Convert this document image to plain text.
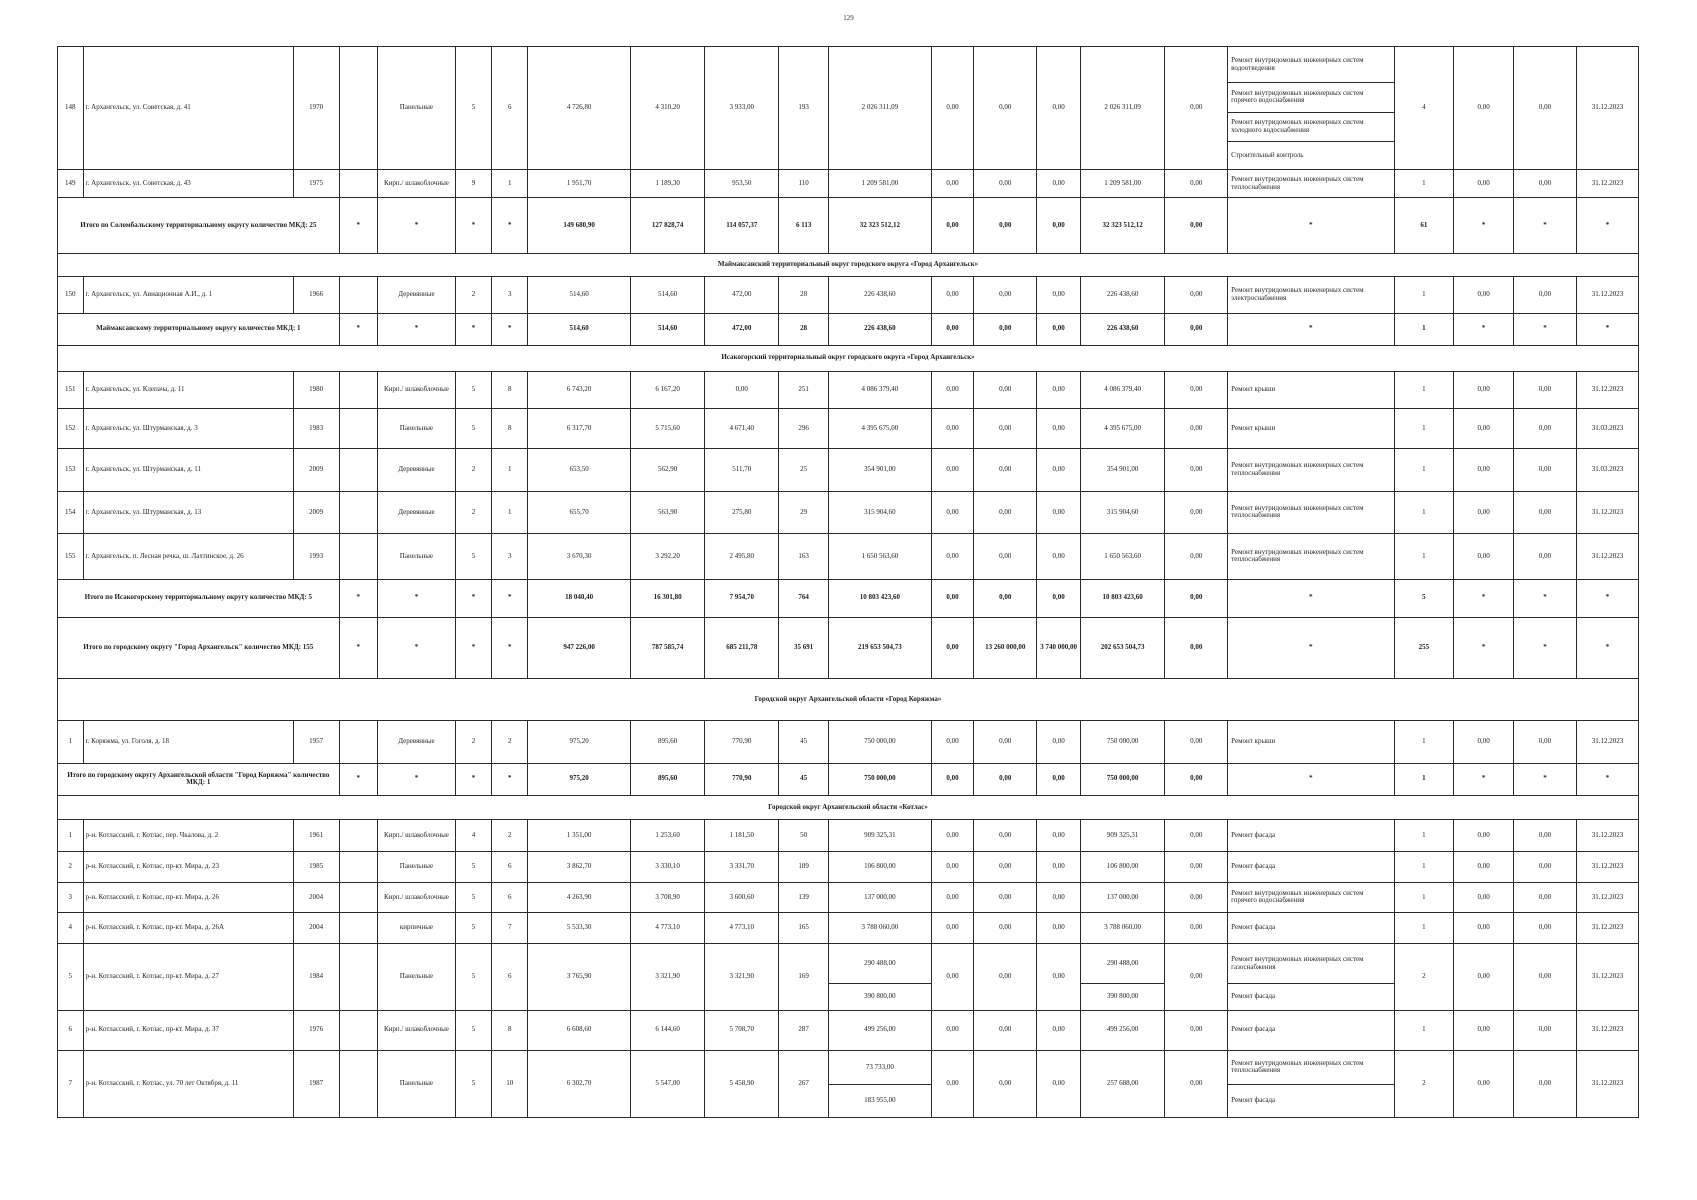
129
148	г. Архангельск, ул. Советская, д. 41	1970		Панельные	5	6	4 726,80	4 310,20	3 933,00	193	2 026 311,09	0,00	0,00	0,00	2 026 311,09	0,00	Ремонт внутридомовых инженерных систем водоотведения	4	0,00	0,00	31.12.2023
																	Ремонт внутридомовых инженерных систем горячего водоснабжения				
																	Ремонт внутридомовых инженерных систем холодного водоснабжения				
																	Строительный контроль				
149	г. Архангельск, ул. Советская, д. 43	1975		Кирп./ шлакоблочные	9	1	1 951,70	1 189,30	953,50	110	1 209 581,00	0,00	0,00	0,00	1 209 581,00	0,00	Ремонт внутридомовых инженерных систем теплоснабжения	1	0,00	0,00	31.12.2023
Итого по Соломбальскому территориальному округу количество МКД: 25			*	*	*	*	149 680,90	127 828,74	114 057,37	6 113	32 323 512,12	0,00	0,00	0,00	32 323 512,12	0,00	*	61	*	*	*
Маймаксанский территориальный округ городского округа «Город Архангельск»																					
150	г. Архангельск, ул. Авиационная А.И., д. 1	1966		Деревянные	2	3	514,60	514,60	472,00	28	226 438,60	0,00	0,00	0,00	226 438,60	0,00	Ремонт внутридомовых инженерных систем электроснабжения	1	0,00	0,00	31.12.2023
Маймаксанскому территориальному округу количество МКД: 1			*	*	*	*	514,60	514,60	472,00	28	226 438,60	0,00	0,00	0,00	226 438,60	0,00	*	1	*	*	*
Исакогорский территориальный округ городского округа «Город Архангельск»																					
151	г. Архангельск, ул. Клепача, д. 11	1980		Кирп./ шлакоблочные	5	8	6 743,20	6 167,20	0,00	251	4 086 379,40	0,00	0,00	0,00	4 086 379,40	0,00	Ремонт крыши	1	0,00	0,00	31.12.2023
152	г. Архангельск, ул. Штурманская, д. 3	1983		Панельные	5	8	6 317,70	5 715,60	4 671,40	296	4 395 675,00	0,00	0,00	0,00	4 395 675,00	0,00	Ремонт крыши	1	0,00	0,00	31.03.2023
153	г. Архангельск, ул. Штурманская, д. 11	2009		Деревянные	2	1	653,50	562,90	511,70	25	354 901,00	0,00	0,00	0,00	354 901,00	0,00	Ремонт внутридомовых инженерных систем теплоснабжения	1	0,00	0,00	31.03.2023
154	г. Архангельск, ул. Штурманская, д. 13	2009		Деревянные	2	1	655,70	563,90	275,80	29	315 904,60	0,00	0,00	0,00	315 904,60	0,00	Ремонт внутридомовых инженерных систем теплоснабжения	1	0,00	0,00	31.12.2023
155	г. Архангельск, п. Лесная речка, ш. Лахтинское, д. 26	1993		Панельные	5	3	3 670,30	3 292,20	2 495,80	163	1 650 563,60	0,00	0,00	0,00	1 650 563,60	0,00	Ремонт внутридомовых инженерных систем теплоснабжения	1	0,00	0,00	31.12.2023
Итого по Исакогорскому территориальному округу количество МКД: 5			*	*	*	*	18 040,40	16 301,80	7 954,70	764	10 803 423,60	0,00	0,00	0,00	10 803 423,60	0,00	*	5	*	*	*
Итого по городскому округу "Город Архангельск" количество МКД: 155			*	*	*	*	947 226,00	787 585,74	685 211,78	35 691	219 653 504,73	0,00	13 260 000,00	3 740 000,00	202 653 504,73	0,00	*	255	*	*	*
Городской округ Архангельской области «Город Коряжма»																					
1	г. Коряжма, ул. Гоголя, д. 18	1957		Деревянные	2	2	975,20	895,60	770,90	45	750 000,00	0,00	0,00	0,00	750 000,00	0,00	Ремонт крыши	1	0,00	0,00	31.12.2023
Итого по городскому округу Архангельской области "Город Коряжма" количество МКД: 1			*	*	*	*	975,20	895,60	770,90	45	750 000,00	0,00	0,00	0,00	750 000,00	0,00	*	1	*	*	*
Городской округ Архангельской области «Котлас»																					
1	р-н. Котласский, г. Котлас, пер. Чкалова, д. 2	1961		Кирп./ шлакоблочные	4	2	1 351,00	1 253,60	1 181,50	50	909 325,31	0,00	0,00	0,00	909 325,31	0,00	Ремонт фасада	1	0,00	0,00	31.12.2023
2	р-н. Котласский, г. Котлас, пр-кт. Мира, д. 23	1985		Панельные	5	6	3 862,70	3 330,10	3 331,70	189	106 800,00	0,00	0,00	0,00	106 800,00	0,00	Ремонт фасада	1	0,00	0,00	31.12.2023
3	р-н. Котласский, г. Котлас, пр-кт. Мира, д. 26	2004		Кирп./ шлакоблочные	5	6	4 263,90	3 708,90	3 600,60	139	137 000,00	0,00	0,00	0,00	137 000,00	0,00	Ремонт внутридомовых инженерных систем горячего водоснабжения	1	0,00	0,00	31.12.2023
4	р-н. Котласский, г. Котлас, пр-кт. Мира, д. 26А	2004		кирпичные	5	7	5 533,30	4 773,10	4 773,10	165	3 788 060,00	0,00	0,00	0,00	3 788 060,00	0,00	Ремонт фасада	1	0,00	0,00	31.12.2023
5	р-н. Котласский, г. Котлас, пр-кт. Мира, д. 27	1984		Панельные	5	6	3 765,90	3 321,90	3 321,90	169	290 488,00	0,00	0,00	0,00	290 488,00	0,00	Ремонт внутридомовых инженерных систем газоснабжения	2	0,00	0,00	31.12.2023
											390 800,00				390 800,00		Ремонт фасада				
6	р-н. Котласский, г. Котлас, пр-кт. Мира, д. 37	1976		Кирп./ шлакоблочные	5	8	6 608,60	6 144,60	5 708,70	287	499 256,00	0,00	0,00	0,00	499 256,00	0,00	Ремонт фасада	1	0,00	0,00	31.12.2023
7	р-н. Котласский, г. Котлас, ул. 70 лет Октября, д. 11	1987		Панельные	5	10	6 302,70	5 547,00	5 458,90	267	73 733,00	0,00	0,00	0,00	257 688,00	0,00	Ремонт внутридомовых инженерных систем теплоснабжения	2	0,00	0,00	31.12.2023
											183 955,00						Ремонт фасада				
